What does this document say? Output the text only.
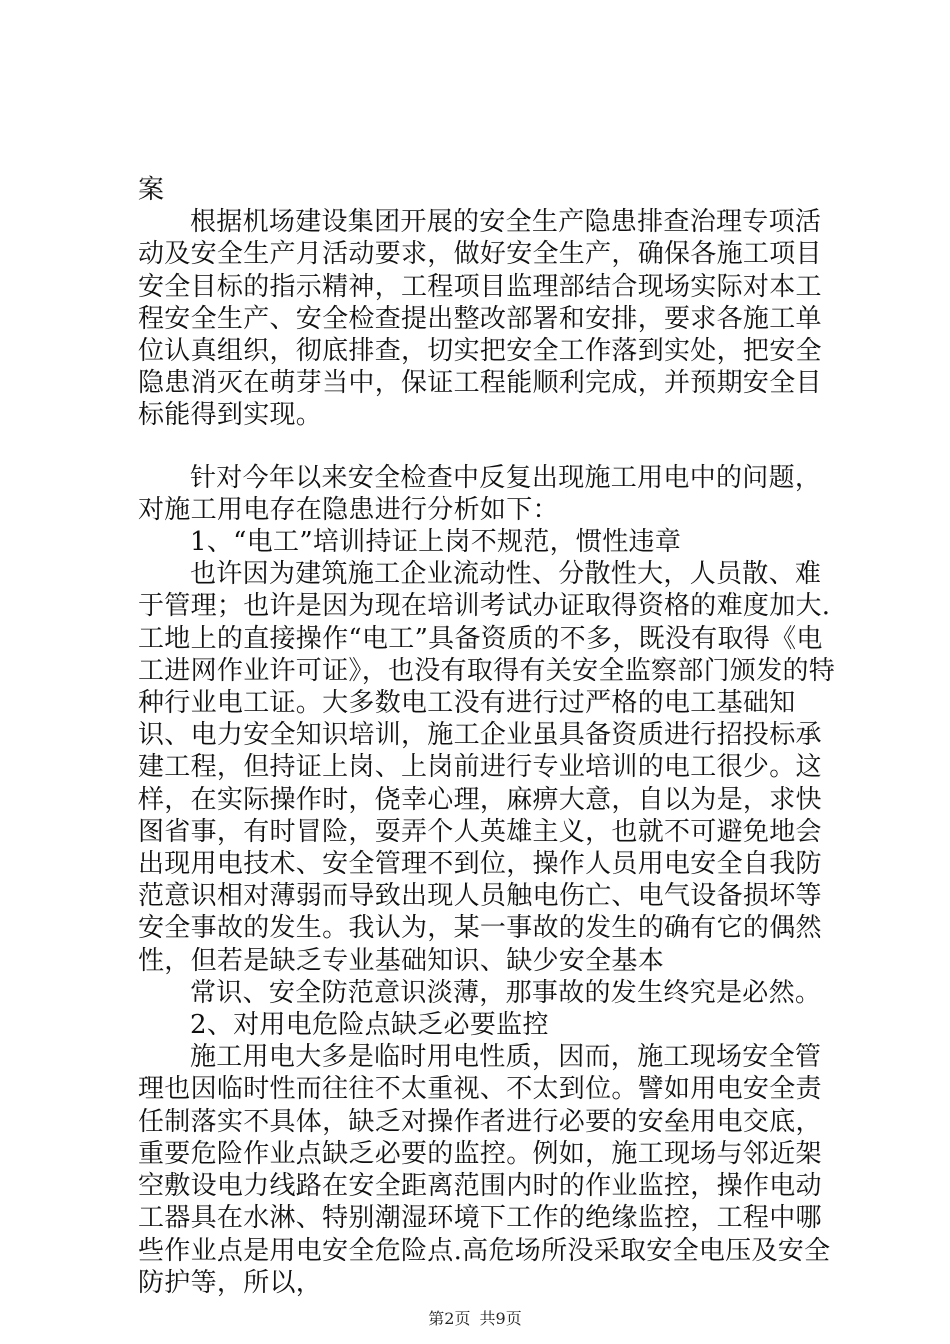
案

根据机场建设集团开展的安全生产隐患排查治理专项活动及安全生产月活动要求，做好安全生产，确保各施工项目安全目标的指示精神，工程项目监理部结合现场实际对本工程安全生产、安全检查提出整改部署和安排，要求各施工单位认真组织，彻底排查，切实把安全工作落到实处，把安全隐患消灭在萌芽当中，保证工程能顺利完成，并预期安全目标能得到实现。

针对今年以来安全检查中反复出现施工用电中的问题，对施工用电存在隐患进行分析如下：

1、“电工”培训持证上岗不规范，惯性违章

也许因为建筑施工企业流动性、分散性大，人员散、难于管理；也许是因为现在培训考试办证取得资格的难度加大.工地上的直接操作“电工”具备资质的不多，既没有取得《电工进网作业许可证》，也没有取得有关安全监察部门颁发的特种行业电工证。大多数电工没有进行过严格的电工基础知识、电力安全知识培训，施工企业虽具备资质进行招投标承建工程，但持证上岗、上岗前进行专业培训的电工很少。这样，在实际操作时，侥幸心理，麻痹大意，自以为是，求快图省事，有时冒险，耍弄个人英雄主义，也就不可避免地会出现用电技术、安全管理不到位，操作人员用电安全自我防范意识相对薄弱而导致出现人员触电伤亡、电气设备损坏等安全事故的发生。我认为，某一事故的发生的确有它的偶然性，但若是缺乏专业基础知识、缺少安全基本

常识、安全防范意识淡薄，那事故的发生终究是必然。

2、对用电危险点缺乏必要监控

施工用电大多是临时用电性质，因而，施工现场安全管理也因临时性而往往不太重视、不太到位。譬如用电安全责任制落实不具体，缺乏对操作者进行必要的安垒用电交底，重要危险作业点缺乏必要的监控。例如，施工现场与邻近架空敷设电力线路在安全距离范围内时的作业监控，操作电动工器具在水淋、特别潮湿环境下工作的绝缘监控，工程中哪些作业点是用电安全危险点.高危场所没采取安全电压及安全防护等，所以，

第2页 共9页
